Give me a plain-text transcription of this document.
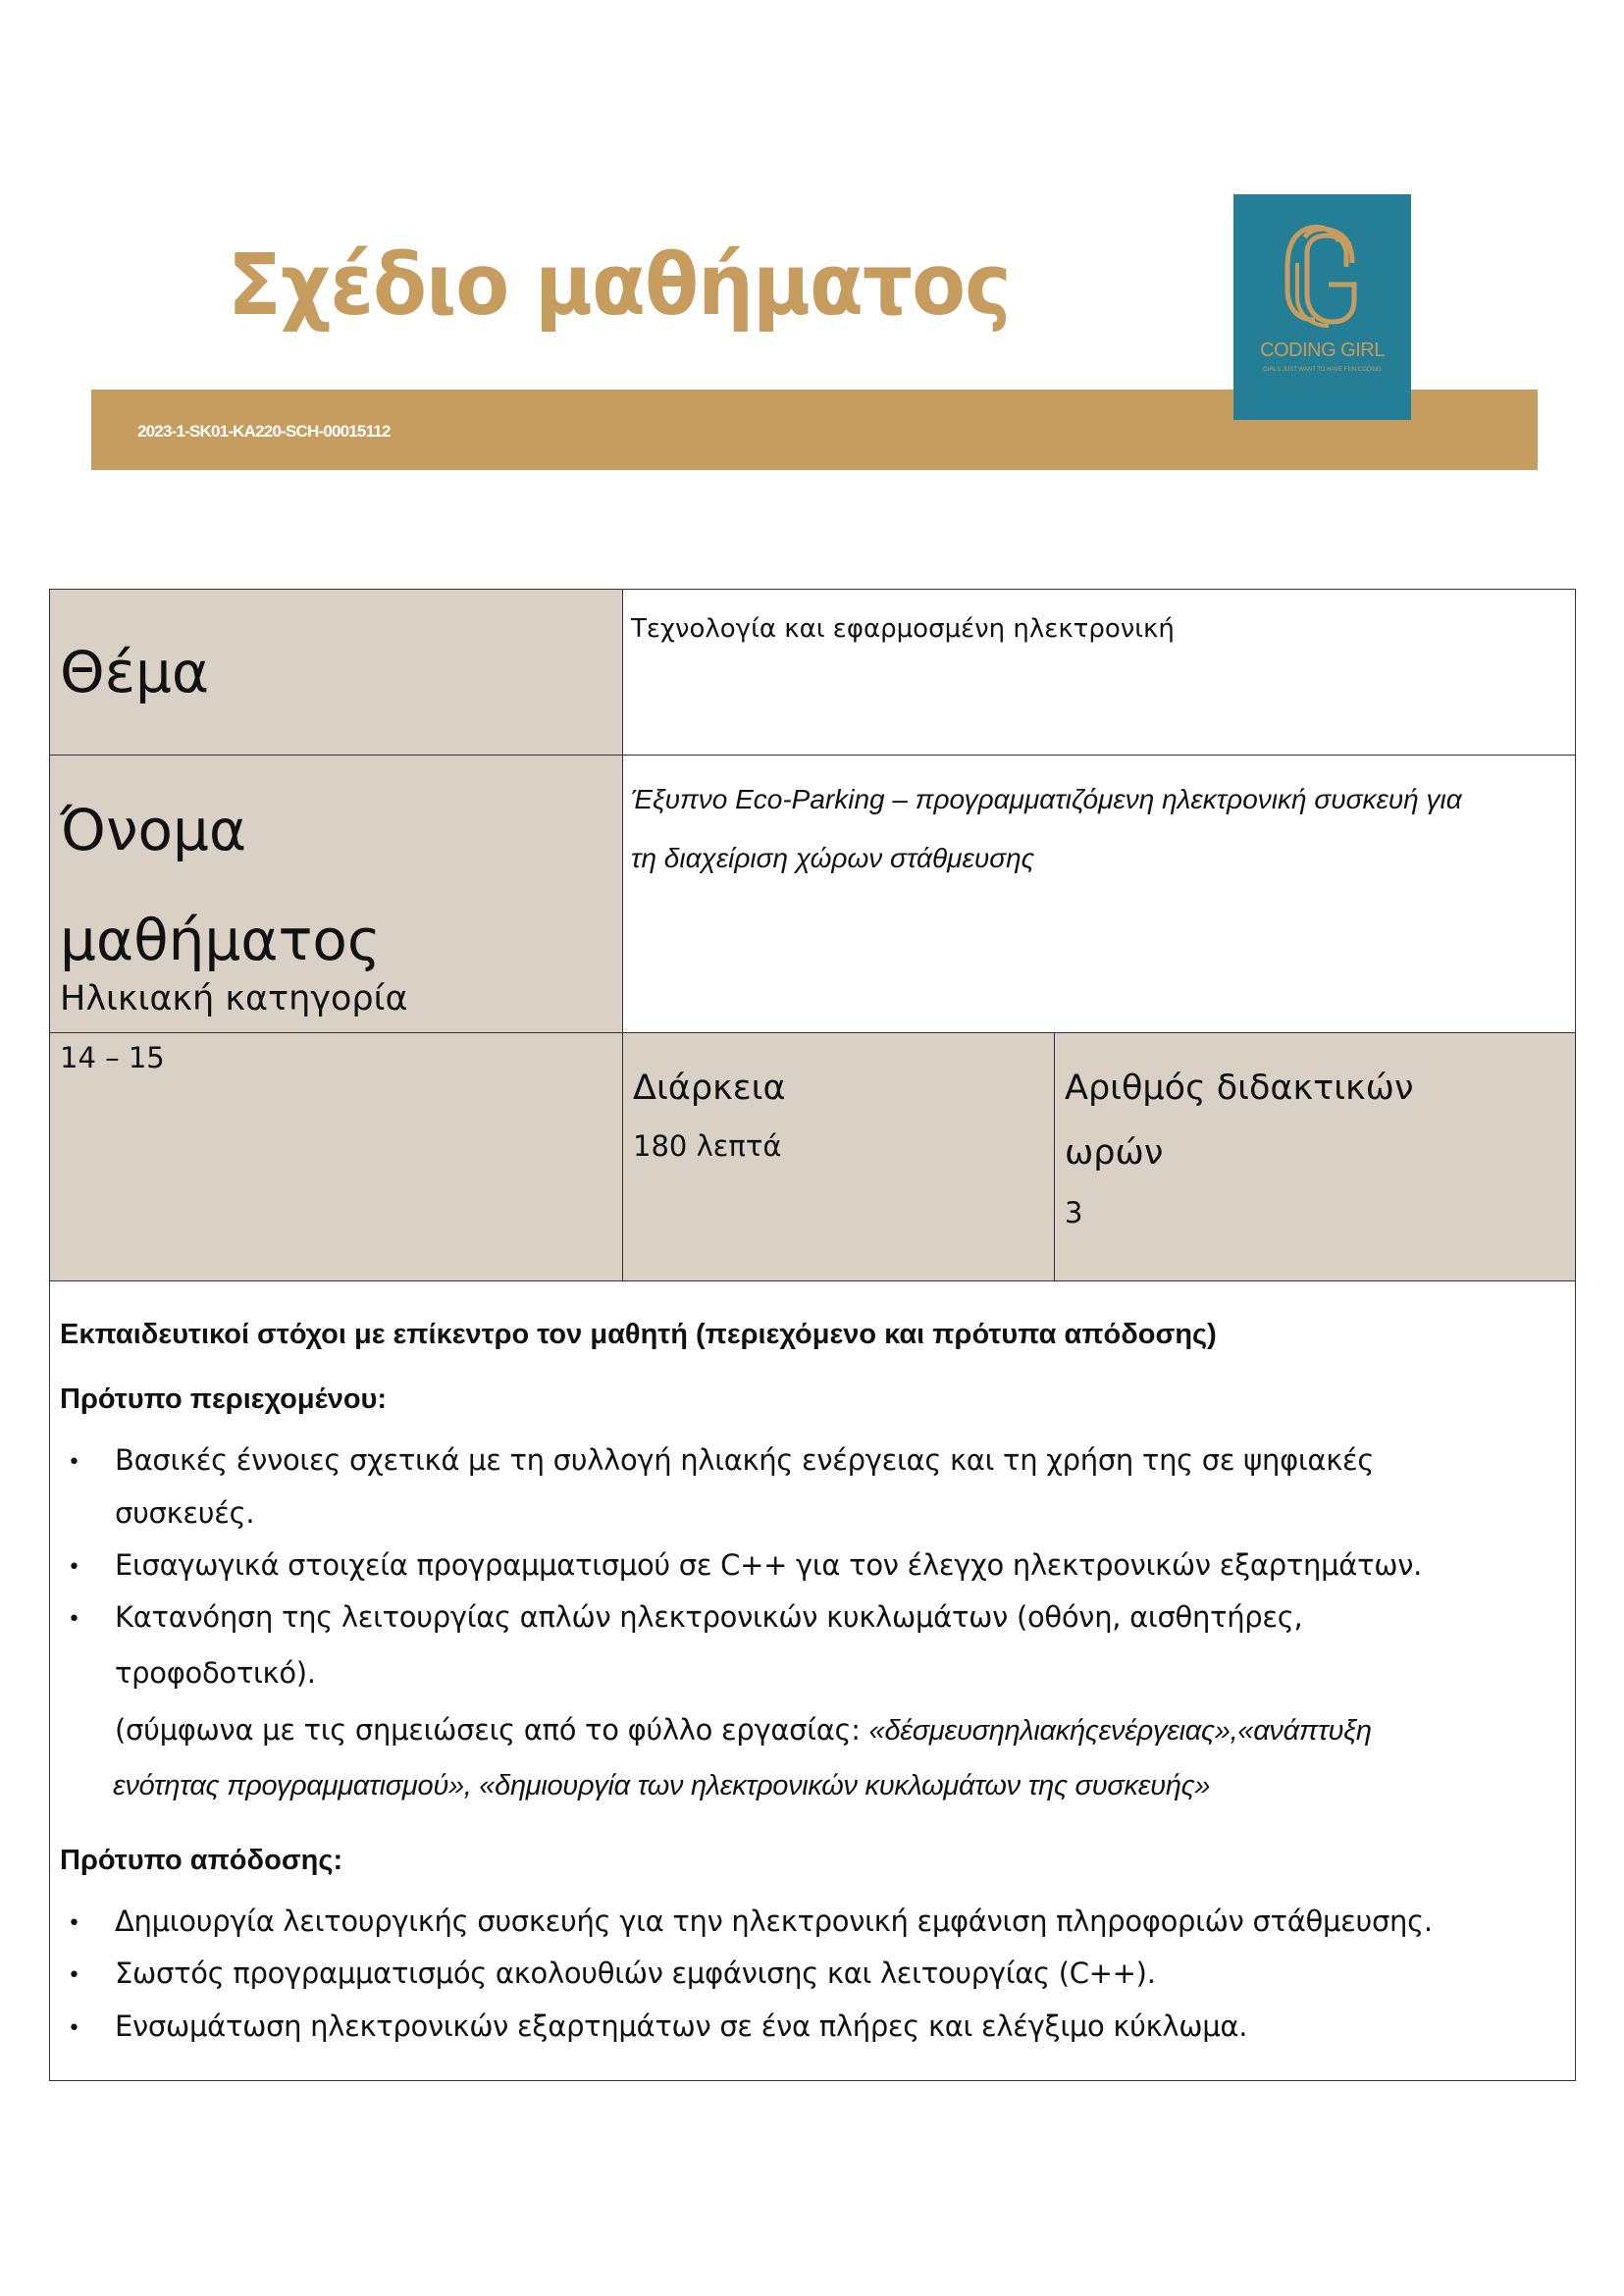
Σχέδιο μαθήματος
2023-1-SK01-KA220-SCH-00015112
CODING GIRL
GIRLS JUST WANT TO HAVE FUN CODING
Θέμα
Τεχνολογία και εφαρμοσμένη ηλεκτρονική
Όνομα
μαθήματος
Ηλικιακή κατηγορία
Έξυπνο Eco-Parking – προγραμματιζόμενη ηλεκτρονική συσκευή για
τη διαχείριση χώρων στάθμευσης
14 – 15
Διάρκεια
180 λεπτά
Αριθμός διδακτικών
ωρών
3
Εκπαιδευτικοί στόχοι με επίκεντρο τον μαθητή (περιεχόμενο και πρότυπα απόδοσης)
Πρότυπο περιεχομένου:
• Βασικές έννοιες σχετικά με τη συλλογή ηλιακής ενέργειας και τη χρήση της σε ψηφιακές
συσκευές.
• Εισαγωγικά στοιχεία προγραμματισμού σε C++ για τον έλεγχο ηλεκτρονικών εξαρτημάτων.
• Κατανόηση της λειτουργίας απλών ηλεκτρονικών κυκλωμάτων (οθόνη, αισθητήρες,
τροφοδοτικό).
(σύμφωνα με τις σημειώσεις από το φύλλο εργασίας: «δέσμευσηηλιακήςενέργειας»,«ανάπτυξη
ενότητας προγραμματισμού», «δημιουργία των ηλεκτρονικών κυκλωμάτων της συσκευής»
Πρότυπο απόδοσης:
• Δημιουργία λειτουργικής συσκευής για την ηλεκτρονική εμφάνιση πληροφοριών στάθμευσης.
• Σωστός προγραμματισμός ακολουθιών εμφάνισης και λειτουργίας (C++).
• Ενσωμάτωση ηλεκτρονικών εξαρτημάτων σε ένα πλήρες και ελέγξιμο κύκλωμα.
